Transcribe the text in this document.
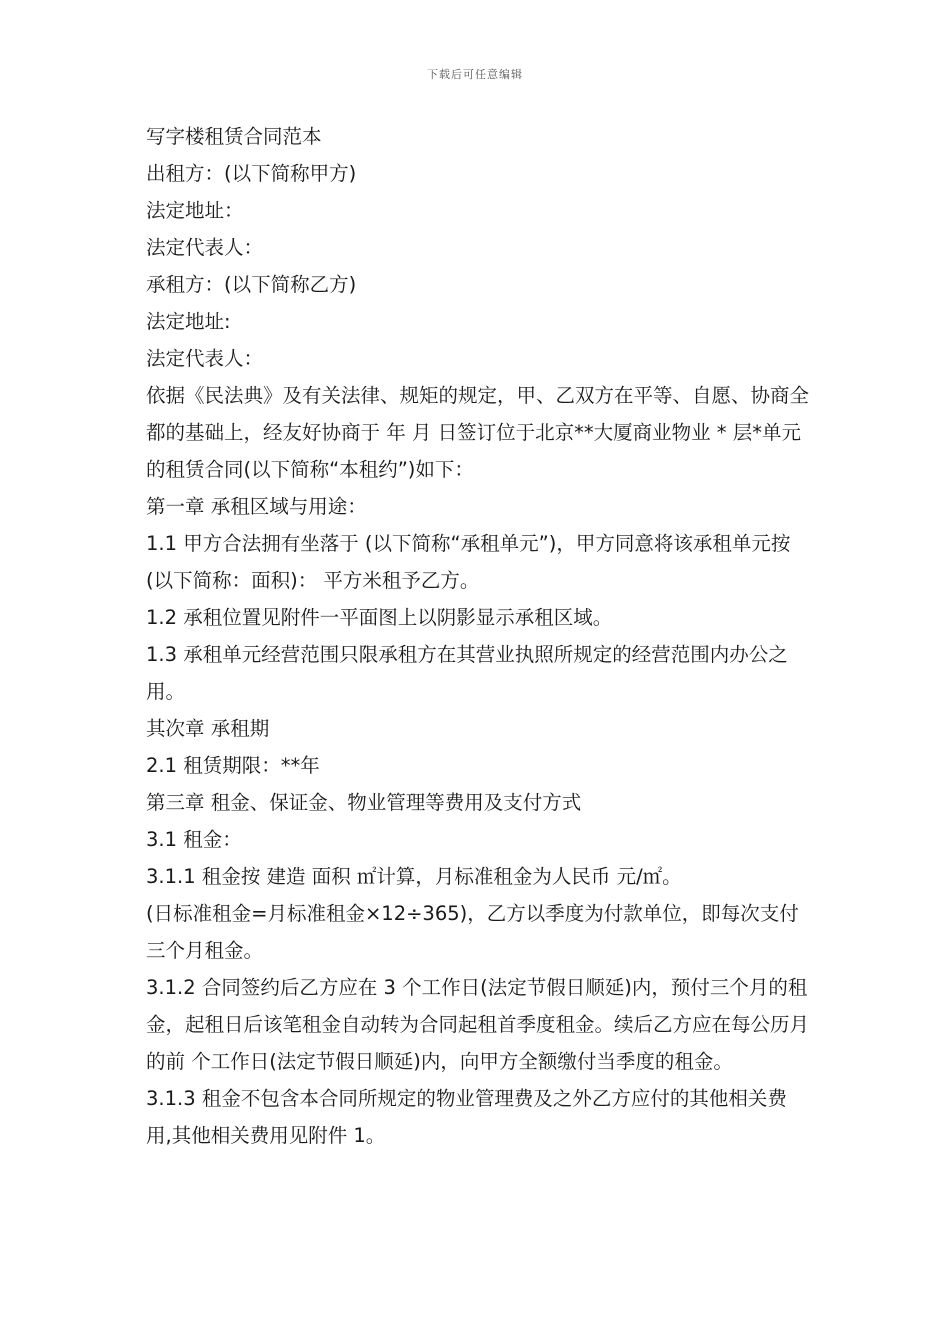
下载后可任意编辑
写字楼租赁合同范本
出租方：(以下简称甲方)
法定地址：
法定代表人：
承租方：(以下简称乙方)
法定地址:
法定代表人：
依据《民法典》及有关法律、规矩的规定，甲、乙双方在平等、自愿、协商全都的基础上，经友好协商于 年 月 日签订位于北京**大厦商业物业 * 层*单元的租赁合同(以下简称“本租约”)如下：
第一章 承租区域与用途：
1.1 甲方合法拥有坐落于 (以下简称“承租单元”)，甲方同意将该承租单元按 (以下简称：面积)： 平方米租予乙方。
1.2 承租位置见附件一平面图上以阴影显示承租区域。
1.3 承租单元经营范围只限承租方在其营业执照所规定的经营范围内办公之用。
其次章 承租期
2.1 租赁期限：**年
第三章 租金、保证金、物业管理等费用及支付方式
3.1 租金：
3.1.1 租金按 建造 面积 ㎡计算，月标准租金为人民币 元/㎡。
(日标准租金=月标准租金×12÷365)，乙方以季度为付款单位，即每次支付三个月租金。
3.1.2 合同签约后乙方应在 3 个工作日(法定节假日顺延)内，预付三个月的租金，起租日后该笔租金自动转为合同起租首季度租金。续后乙方应在每公历月的前 个工作日(法定节假日顺延)内，向甲方全额缴付当季度的租金。
3.1.3 租金不包含本合同所规定的物业管理费及之外乙方应付的其他相关费用,其他相关费用见附件 1。
